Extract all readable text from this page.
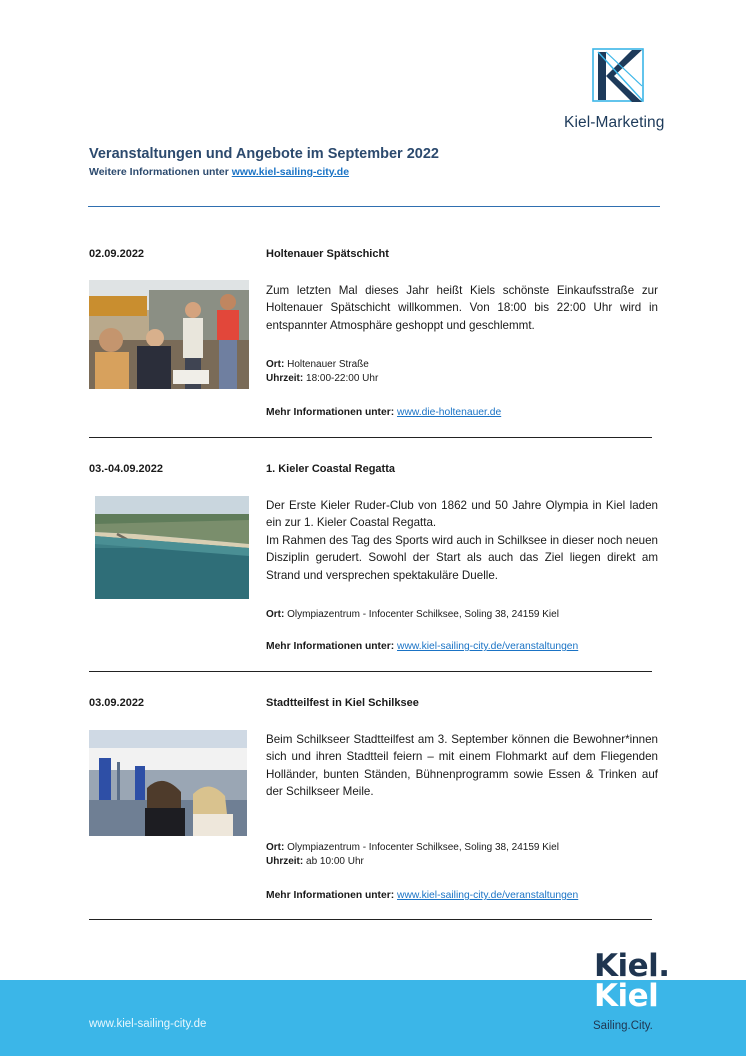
Kiel-Marketing
Veranstaltungen und Angebote im September 2022
Weitere Informationen unter www.kiel-sailing-city.de
02.09.2022	Holtenauer Spätschicht
Zum letzten Mal dieses Jahr heißt Kiels schönste Einkaufsstraße zur Holtenauer Spätschicht willkommen. Von 18:00 bis 22:00 Uhr wird in entspannter Atmosphäre geshoppt und geschlemmt.
Ort: Holtenauer Straße
Uhrzeit: 18:00-22:00 Uhr
Mehr Informationen unter: www.die-holtenauer.de
03.-04.09.2022	1. Kieler Coastal Regatta
Der Erste Kieler Ruder-Club von 1862 und 50 Jahre Olympia in Kiel laden ein zur 1. Kieler Coastal Regatta.
Im Rahmen des Tag des Sports wird auch in Schilksee in dieser noch neuen Disziplin gerudert. Sowohl der Start als auch das Ziel liegen direkt am Strand und versprechen spektakuläre Duelle.
Ort: Olympiazentrum - Infocenter Schilksee, Soling 38, 24159 Kiel
Mehr Informationen unter: www.kiel-sailing-city.de/veranstaltungen
03.09.2022	Stadtteilfest in Kiel Schilksee
Beim Schilkseer Stadtteilfest am 3. September können die Bewohner*innen sich und ihren Stadtteil feiern – mit einem Flohmarkt auf dem Fliegenden Holländer, bunten Ständen, Bühnenprogramm sowie Essen & Trinken auf der Schilkseer Meile.
Ort: Olympiazentrum - Infocenter Schilksee, Soling 38, 24159 Kiel
Uhrzeit: ab 10:00 Uhr
Mehr Informationen unter: www.kiel-sailing-city.de/veranstaltungen
www.kiel-sailing-city.de
Kiel.
Kiel
Sailing.City.
